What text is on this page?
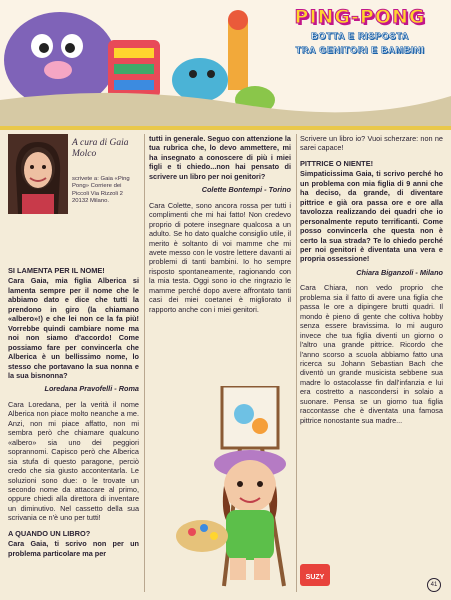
PING-PONG
BOTTA E RISPOSTA
TRA GENITORI E BAMBINI
A cura di Gaia Molco
scrivete a: Gaia «Ping Pong» Corriere dei Piccoli Via Rizzoli 2 20132 Milano.
SI LAMENTA PER IL NOME!

Cara Gaia, mia figlia Alberica si lamenta sempre per il nome che le abbiamo dato e dice che tutti la prendono in giro (la chiamano «albero»!) e che lei non ce la fa più! Vorrebbe quindi cambiare nome ma noi non siamo d'accordo! Come possiamo fare per convincerla che Alberica è un bellissimo nome, lo stesso che portavano la sua nonna e la sua bisnonna?

Loredana Pravofelli - Roma

Cara Loredana, per la verità il nome Alberica non piace molto neanche a me. Anzi, non mi piace affatto, non mi sembra però che chiamare qualcuno «albero» sia uno dei peggiori soprannomi. Capisco però che Alberica sia stufa di questo paragone, perciò credo che sia giusto accontentarla. Le soluzioni sono due: o le trovate un secondo nome da attaccare al primo, oppure chiedi alla direttora di inventare un diminutivo. Nel cassetto della sua scrivania ce n'è uno per tutti!

A QUANDO UN LIBRO?

Cara Gaia, ti scrivo non per un problema particolare ma per

tutti in generale. Seguo con attenzione la tua rubrica che, lo devo ammettere, mi ha insegnato a conoscere di più i miei figli e ti chiedo...non hai pensato di scrivere un libro per noi genitori?

Colette Bontempi - Torino

Cara Colette, sono ancora rossa per tutti i complimenti che mi hai fatto! Non credevo proprio di potere insegnare qualcosa a un adulto. Se ho dato qualche consiglio utile, il merito è soltanto di voi mamme che mi avete messo con le vostre lettere davanti ai problemi di tanti bambini. Io ho sempre risposto spontaneamente, ragionando con la mia testa. Oggi sono io che ringrazio le mamme perché dopo avere affrontato tanti casi dei miei coetanei è migliorato il rapporto anche con i miei genitori.

Scrivere un libro io? Vuoi scherzare: non ne sarei capace!

PITTRICE O NIENTE!

Simpaticissima Gaia, ti scrivo perché ho un problema con mia figlia di 9 anni che ha deciso, da grande, di diventare pittrice e già ora passa ore e ore alla tavolozza realizzando dei quadri che io personalmente reputo terrificanti. Come posso convincerla che questa non è certo la sua strada? Te lo chiedo perché per noi genitori è diventata una vera e propria ossessione!

Chiara Biganzoli - Milano

Cara Chiara, non vedo proprio che problema sia il fatto di avere una figlia che passa le ore a dipingere brutti quadri. Il mondo è pieno di gente che coltiva hobby senza essere bravissima. Io mi auguro invece che tua figlia diventi un giorno o l'altro una grande pittrice. Ricordo che l'anno scorso a scuola abbiamo fatto una ricerca su Johann Sebastian Bach che diventò un grande musicista sebbene sua madre lo ostacolasse fin dall'infanzia e lui era costretto a nascondersi in solaio a suonare. Pensa se un giorno tua figlia raccontasse che è diventata una famosa pittrice nonostante sua madre...

SUZY
41
